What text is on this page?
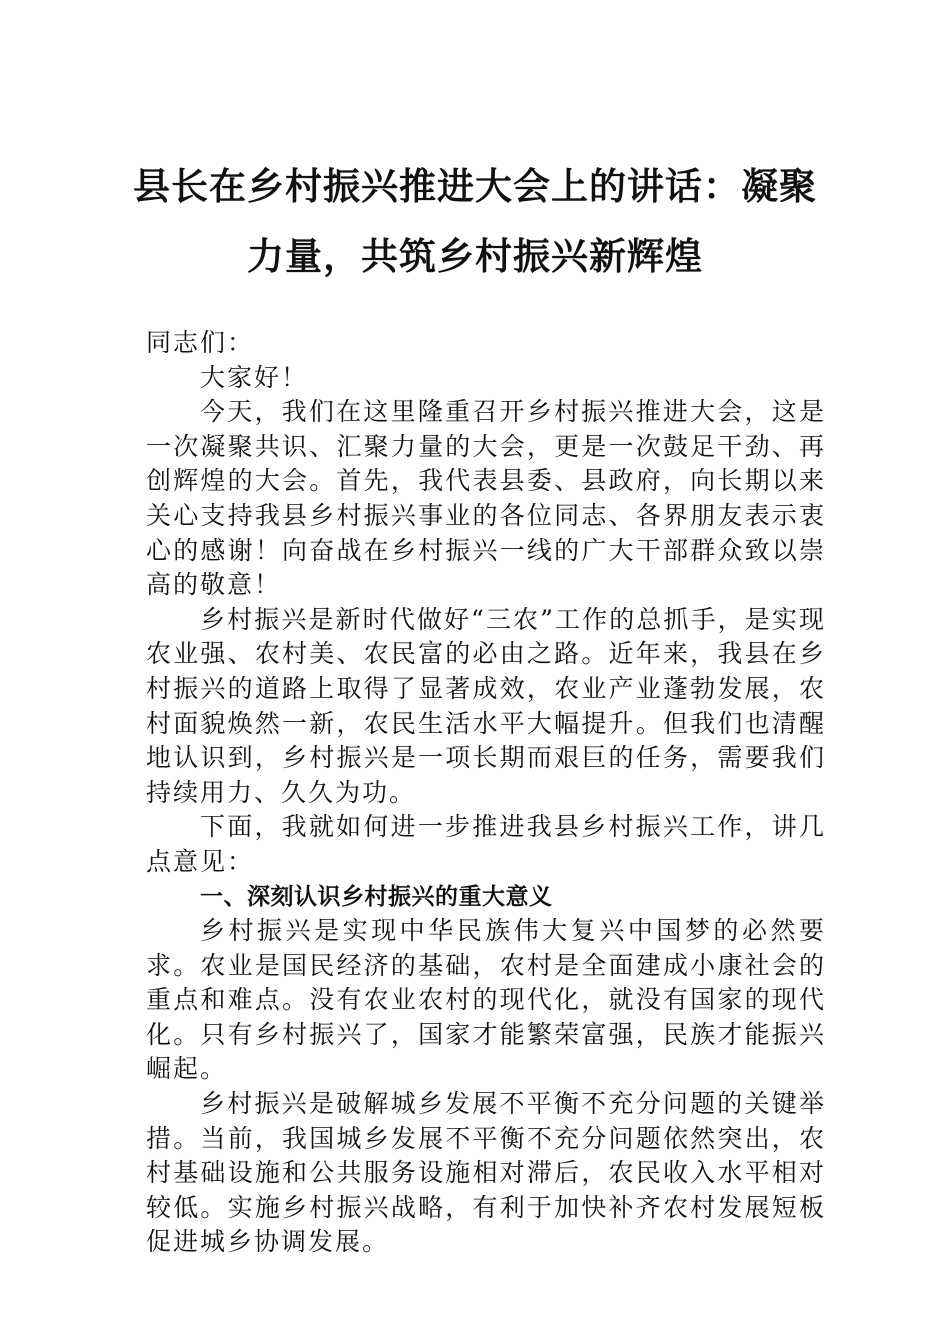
县长在乡村振兴推进大会上的讲话：凝聚
力量，共筑乡村振兴新辉煌

同志们：

大家好！

今天，我们在这里隆重召开乡村振兴推进大会，这是一次凝聚共识、汇聚力量的大会，更是一次鼓足干劲、再创辉煌的大会。首先，我代表县委、县政府，向长期以来关心支持我县乡村振兴事业的各位同志、各界朋友表示衷心的感谢！向奋战在乡村振兴一线的广大干部群众致以崇高的敬意！

乡村振兴是新时代做好“三农”工作的总抓手，是实现农业强、农村美、农民富的必由之路。近年来，我县在乡村振兴的道路上取得了显著成效，农业产业蓬勃发展，农村面貌焕然一新，农民生活水平大幅提升。但我们也清醒地认识到，乡村振兴是一项长期而艰巨的任务，需要我们持续用力、久久为功。

下面，我就如何进一步推进我县乡村振兴工作，讲几点意见：

一、深刻认识乡村振兴的重大意义

乡村振兴是实现中华民族伟大复兴中国梦的必然要求。农业是国民经济的基础，农村是全面建成小康社会的重点和难点。没有农业农村的现代化，就没有国家的现代化。只有乡村振兴了，国家才能繁荣富强，民族才能振兴崛起。

乡村振兴是破解城乡发展不平衡不充分问题的关键举措。当前，我国城乡发展不平衡不充分问题依然突出，农村基础设施和公共服务设施相对滞后，农民收入水平相对较低。实施乡村振兴战略，有利于加快补齐农村发展短板促进城乡协调发展。
